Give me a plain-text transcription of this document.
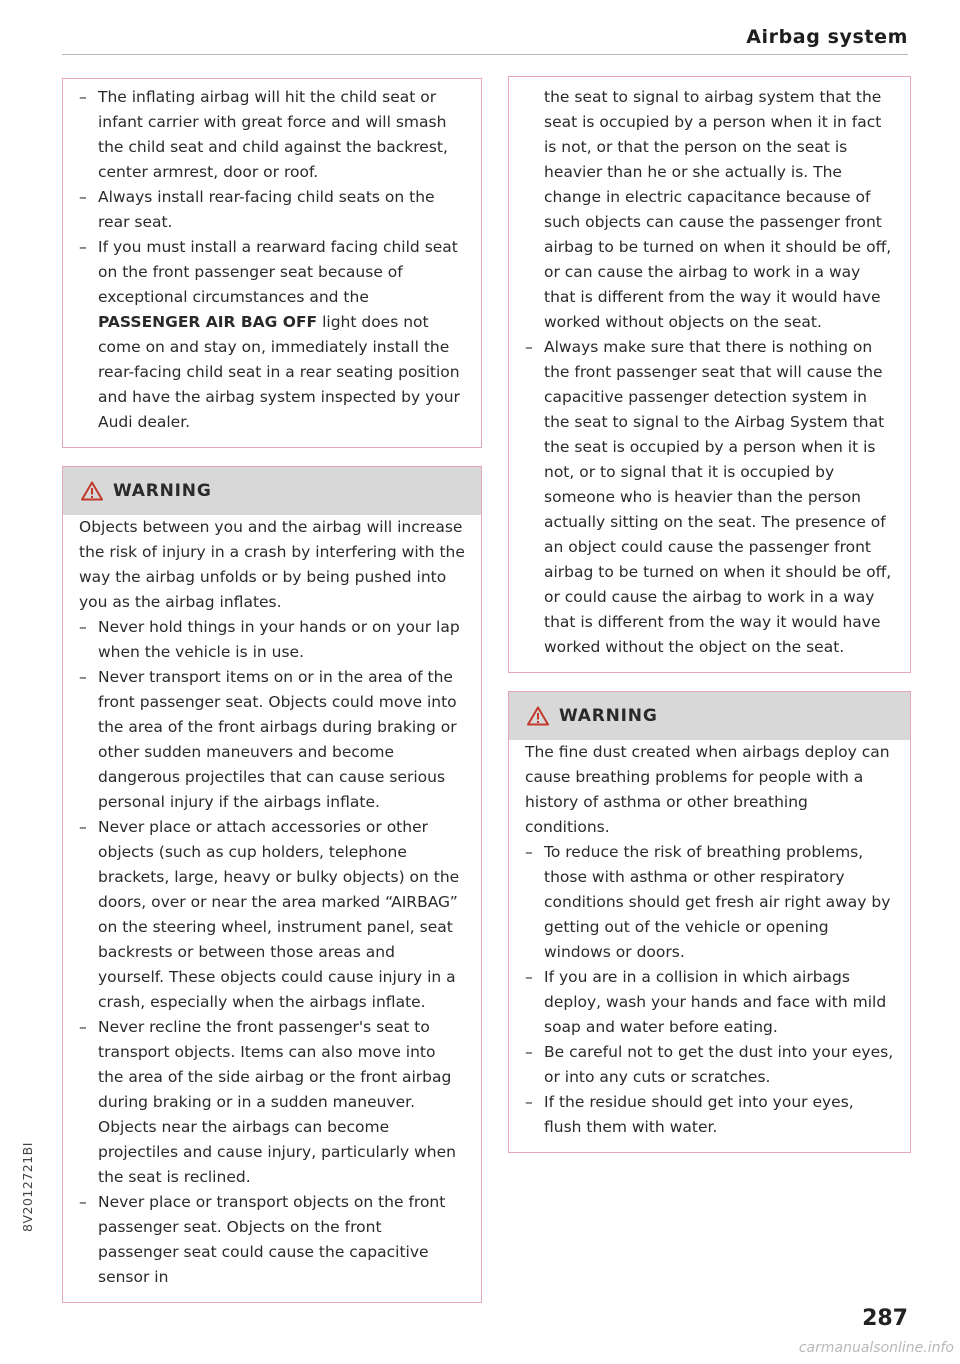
Airbag system
– The inflating airbag will hit the child seat or infant carrier with great force and will smash the child seat and child against the backrest, center armrest, door or roof.
– Always install rear-facing child seats on the rear seat.
– If you must install a rearward facing child seat on the front passenger seat because of exceptional circumstances and the PASSENGER AIR BAG OFF light does not come on and stay on, immediately install the rear-facing child seat in a rear seating position and have the airbag system inspected by your Audi dealer.
WARNING

Objects between you and the airbag will increase the risk of injury in a crash by interfering with the way the airbag unfolds or by being pushed into you as the airbag inflates.

– Never hold things in your hands or on your lap when the vehicle is in use.
– Never transport items on or in the area of the front passenger seat. Objects could move into the area of the front airbags during braking or other sudden maneuvers and become dangerous projectiles that can cause serious personal injury if the airbags inflate.
– Never place or attach accessories or other objects (such as cup holders, telephone brackets, large, heavy or bulky objects) on the doors, over or near the area marked “AIRBAG” on the steering wheel, instrument panel, seat backrests or between those areas and yourself. These objects could cause injury in a crash, especially when the airbags inflate.
– Never recline the front passenger's seat to transport objects. Items can also move into the area of the side airbag or the front airbag during braking or in a sudden maneuver. Objects near the airbags can become projectiles and cause injury, particularly when the seat is reclined.
– Never place or transport objects on the front passenger seat. Objects on the front passenger seat could cause the capacitive sensor in

the seat to signal to airbag system that the seat is occupied by a person when it in fact is not, or that the person on the seat is heavier than he or she actually is. The change in electric capacitance because of such objects can cause the passenger front airbag to be turned on when it should be off, or can cause the airbag to work in a way that is different from the way it would have worked without objects on the seat.

– Always make sure that there is nothing on the front passenger seat that will cause the capacitive passenger detection system in the seat to signal to the Airbag System that the seat is occupied by a person when it is not, or to signal that it is occupied by someone who is heavier than the person actually sitting on the seat. The presence of an object could cause the passenger front airbag to be turned on when it should be off, or could cause the airbag to work in a way that is different from the way it would have worked without the object on the seat.
WARNING

The fine dust created when airbags deploy can cause breathing problems for people with a history of asthma or other breathing conditions.

– To reduce the risk of breathing problems, those with asthma or other respiratory conditions should get fresh air right away by getting out of the vehicle or opening windows or doors.
– If you are in a collision in which airbags deploy, wash your hands and face with mild soap and water before eating.
– Be careful not to get the dust into your eyes, or into any cuts or scratches.
– If the residue should get into your eyes, flush them with water.
8V2012721BI
287
carmanualsonline.info
